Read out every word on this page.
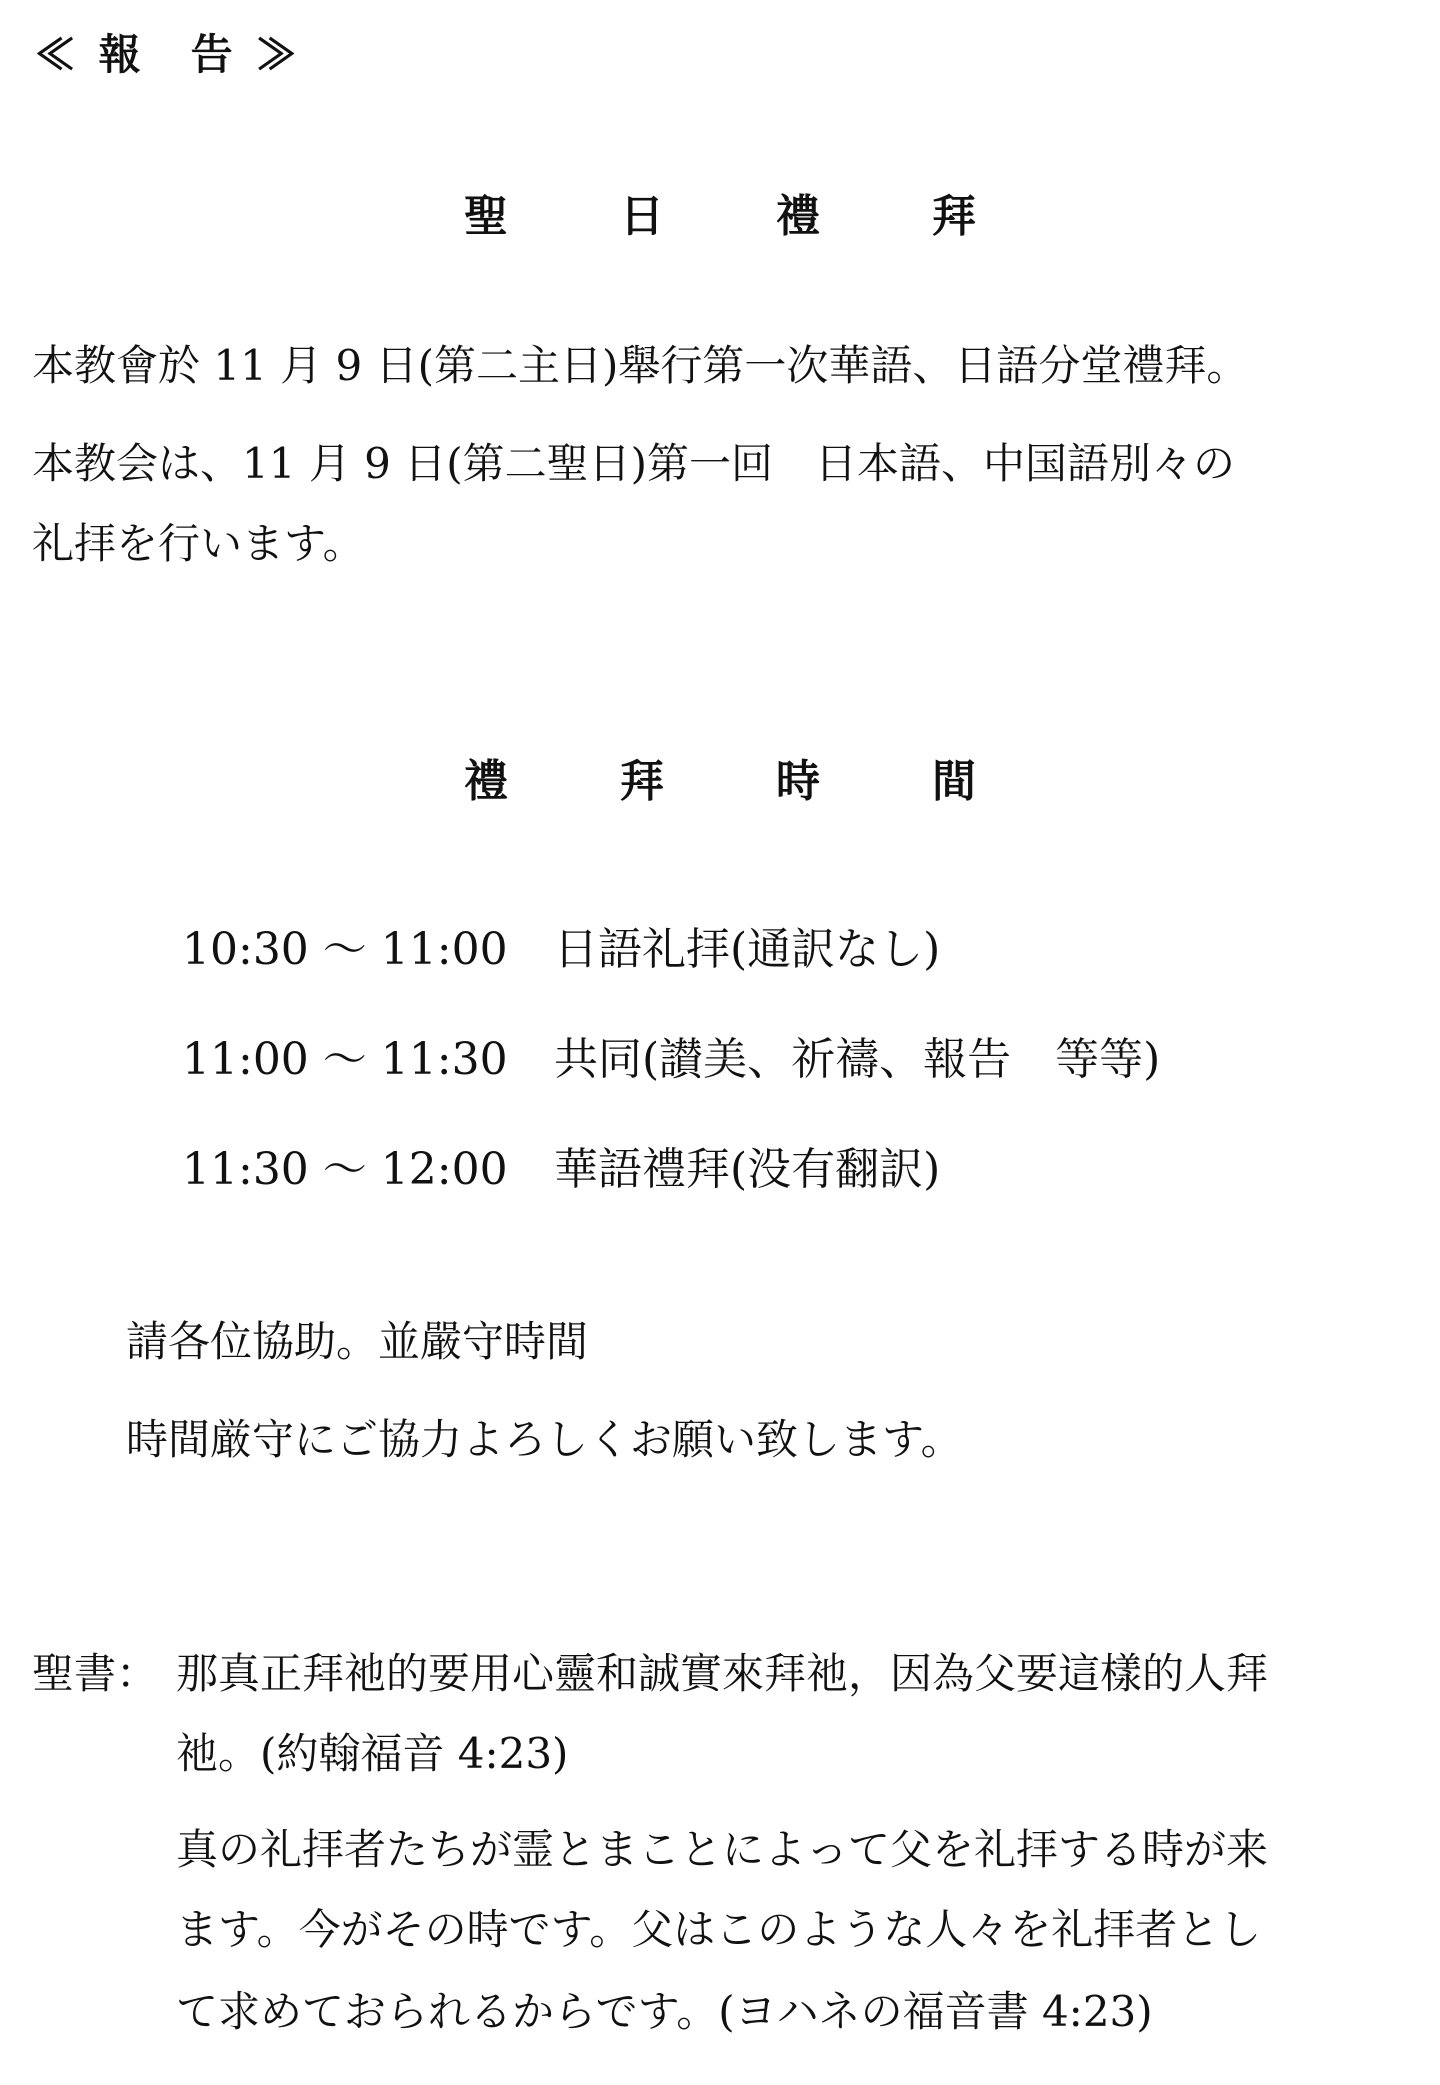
≪ 報　告 ≫
聖　日　禮　拜
本教會於 11 月 9 日(第二主日)舉行第一次華語、日語分堂禮拜。
本教会は、11 月 9 日(第二聖日)第一回　日本語、中国語別々の
礼拝を行います。
禮　拜　時　間
10:30 〜 11:00 日語礼拝(通訳なし)
11:00 〜 11:30 共同(讃美、祈禱、報告　等等)
11:30 〜 12:00 華語禮拜(没有翻訳)
請各位協助。並嚴守時間
時間厳守にご協力よろしくお願い致します。
聖書： 那真正拜祂的要用心靈和誠實來拜祂，因為父要這樣的人拜
祂。(約翰福音 4:23)
真の礼拝者たちが霊とまことによって父を礼拝する時が来
ます。今がその時です。父はこのような人々を礼拝者とし
て求めておられるからです。(ヨハネの福音書 4:23)
